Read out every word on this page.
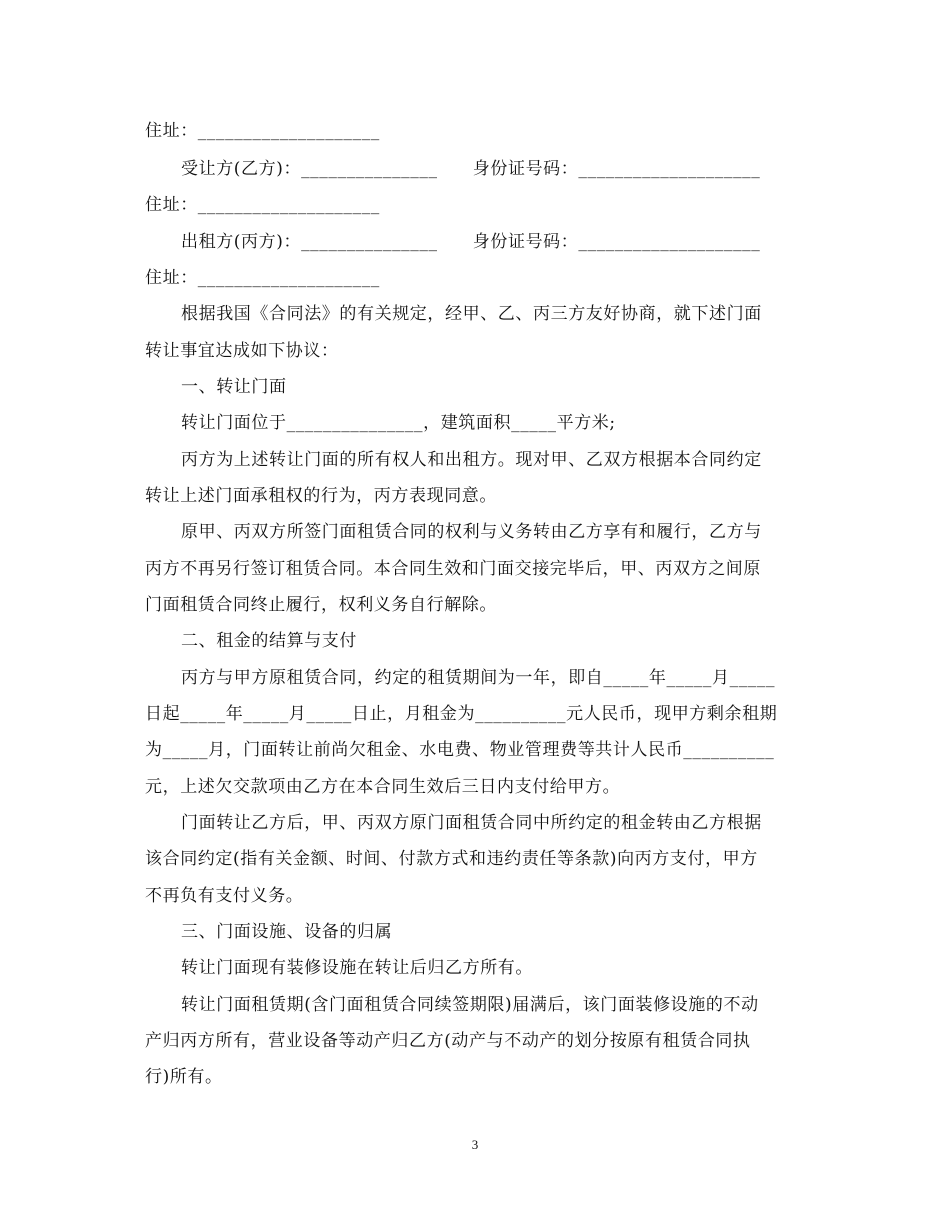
住址：____________________
受让方(乙方)：_______________　　身份证号码：____________________
住址：____________________
出租方(丙方)：_______________　　身份证号码：____________________
住址：____________________
根据我国《合同法》的有关规定，经甲、乙、丙三方友好协商，就下述门面
转让事宜达成如下协议：
一、转让门面
转让门面位于_______________，建筑面积_____平方米;
丙方为上述转让门面的所有权人和出租方。现对甲、乙双方根据本合同约定
转让上述门面承租权的行为，丙方表现同意。
原甲、丙双方所签门面租赁合同的权利与义务转由乙方享有和履行，乙方与
丙方不再另行签订租赁合同。本合同生效和门面交接完毕后，甲、丙双方之间原
门面租赁合同终止履行，权利义务自行解除。
二、租金的结算与支付
丙方与甲方原租赁合同，约定的租赁期间为一年，即自_____年_____月_____
日起_____年_____月_____日止，月租金为__________元人民币，现甲方剩余租期
为_____月，门面转让前尚欠租金、水电费、物业管理费等共计人民币__________
元，上述欠交款项由乙方在本合同生效后三日内支付给甲方。
门面转让乙方后，甲、丙双方原门面租赁合同中所约定的租金转由乙方根据
该合同约定(指有关金额、时间、付款方式和违约责任等条款)向丙方支付，甲方
不再负有支付义务。
三、门面设施、设备的归属
转让门面现有装修设施在转让后归乙方所有。
转让门面租赁期(含门面租赁合同续签期限)届满后，该门面装修设施的不动
产归丙方所有，营业设备等动产归乙方(动产与不动产的划分按原有租赁合同执
行)所有。
3
